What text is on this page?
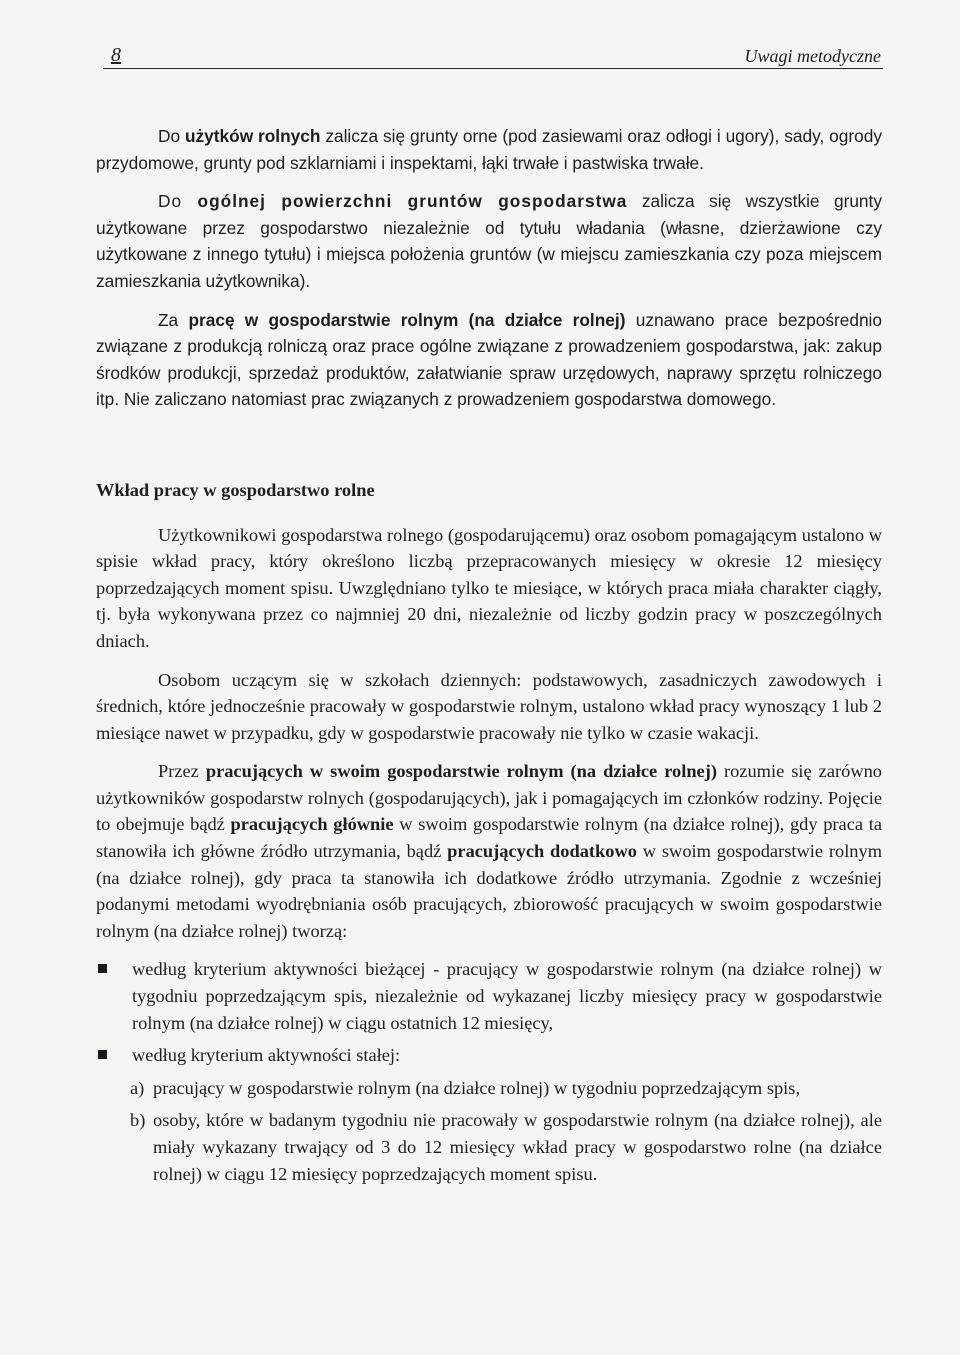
8	Uwagi metodyczne

Do użytków rolnych zalicza się grunty orne (pod zasiewami oraz odłogi i ugory), sady, ogrody przydomowe, grunty pod szklarniami i inspektami, łąki trwałe i pastwiska trwałe.

Do ogólnej powierzchni gruntów gospodarstwa zalicza się wszystkie grunty użytkowane przez gospodarstwo niezależnie od tytułu władania (własne, dzierżawione czy użytkowane z innego tytułu) i miejsca położenia gruntów (w miejscu zamieszkania czy poza miejscem zamieszkania użytkownika).

Za pracę w gospodarstwie rolnym (na działce rolnej) uznawano prace bezpośrednio związane z produkcją rolniczą oraz prace ogólne związane z prowadzeniem gospodarstwa, jak: zakup środków produkcji, sprzedaż produktów, załatwianie spraw urzędowych, naprawy sprzętu rolniczego itp. Nie zaliczano natomiast prac związanych z prowadzeniem gospodarstwa domowego.

Wkład pracy w gospodarstwo rolne

Użytkownikowi gospodarstwa rolnego (gospodarującemu) oraz osobom pomagającym ustalono w spisie wkład pracy, który określono liczbą przepracowanych miesięcy w okresie 12 miesięcy poprzedzających moment spisu. Uwzględniano tylko te miesiące, w których praca miała charakter ciągły, tj. była wykonywana przez co najmniej 20 dni, niezależnie od liczby godzin pracy w poszczególnych dniach.

Osobom uczącym się w szkołach dziennych: podstawowych, zasadniczych zawodowych i średnich, które jednocześnie pracowały w gospodarstwie rolnym, ustalono wkład pracy wynoszący 1 lub 2 miesiące nawet w przypadku, gdy w gospodarstwie pracowały nie tylko w czasie wakacji.

Przez pracujących w swoim gospodarstwie rolnym (na działce rolnej) rozumie się zarówno użytkowników gospodarstw rolnych (gospodarujących), jak i pomagających im członków rodziny. Pojęcie to obejmuje bądź pracujących głównie w swoim gospodarstwie rolnym (na działce rolnej), gdy praca ta stanowiła ich główne źródło utrzymania, bądź pracujących dodatkowo w swoim gospodarstwie rolnym (na działce rolnej), gdy praca ta stanowiła ich dodatkowe źródło utrzymania. Zgodnie z wcześniej podanymi metodami wyodrębniania osób pracujących, zbiorowość pracujących w swoim gospodarstwie rolnym (na działce rolnej) tworzą:

według kryterium aktywności bieżącej - pracujący w gospodarstwie rolnym (na działce rolnej) w tygodniu poprzedzającym spis, niezależnie od wykazanej liczby miesięcy pracy w gospodarstwie rolnym (na działce rolnej) w ciągu ostatnich 12 miesięcy,
według kryterium aktywności stałej:
a) pracujący w gospodarstwie rolnym (na działce rolnej) w tygodniu poprzedzającym spis,
b) osoby, które w badanym tygodniu nie pracowały w gospodarstwie rolnym (na działce rolnej), ale miały wykazany trwający od 3 do 12 miesięcy wkład pracy w gospodarstwo rolne (na działce rolnej) w ciągu 12 miesięcy poprzedzających moment spisu.
